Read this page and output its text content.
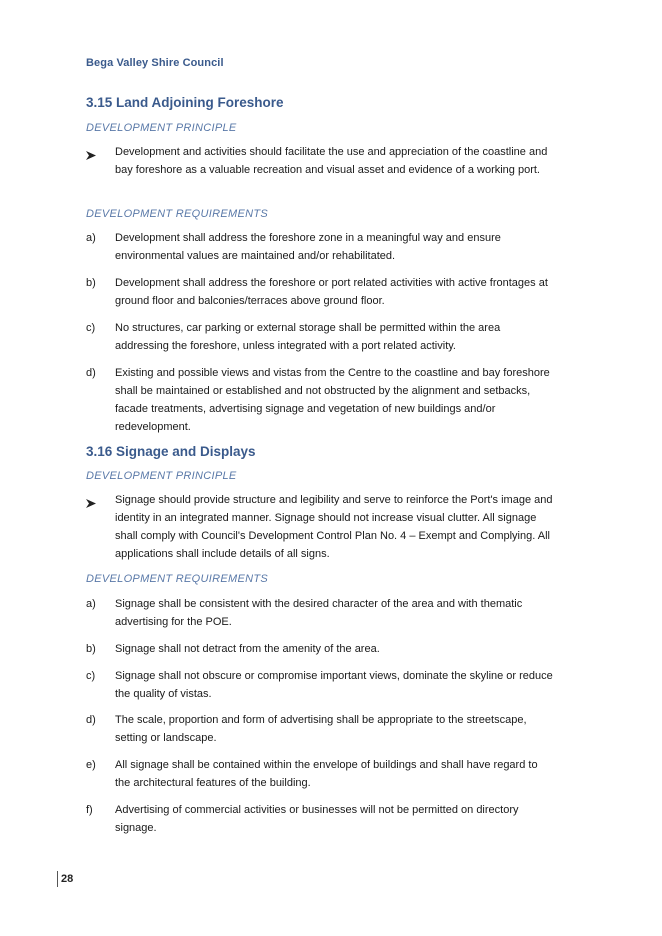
Bega Valley Shire Council
3.15 Land Adjoining Foreshore
DEVELOPMENT PRINCIPLE
Development and activities should facilitate the use and appreciation of the coastline and bay foreshore as a valuable recreation and visual asset and evidence of a working port.
DEVELOPMENT REQUIREMENTS
a) Development shall address the foreshore zone in a meaningful way and ensure environmental values are maintained and/or rehabilitated.
b) Development shall address the foreshore or port related activities with active frontages at ground floor and balconies/terraces above ground floor.
c) No structures, car parking or external storage shall be permitted within the area addressing the foreshore, unless integrated with a port related activity.
d) Existing and possible views and vistas from the Centre to the coastline and bay foreshore shall be maintained or established and not obstructed by the alignment and setbacks, facade treatments, advertising signage and vegetation of new buildings and/or redevelopment.
3.16 Signage and Displays
DEVELOPMENT PRINCIPLE
Signage should provide structure and legibility and serve to reinforce the Port's image and identity in an integrated manner. Signage should not increase visual clutter. All signage shall comply with Council's Development Control Plan No. 4 – Exempt and Complying. All applications shall include details of all signs.
DEVELOPMENT REQUIREMENTS
a) Signage shall be consistent with the desired character of the area and with thematic advertising for the POE.
b) Signage shall not detract from the amenity of the area.
c) Signage shall not obscure or compromise important views, dominate the skyline or reduce the quality of vistas.
d) The scale, proportion and form of advertising shall be appropriate to the streetscape, setting or landscape.
e) All signage shall be contained within the envelope of buildings and shall have regard to the architectural features of the building.
f) Advertising of commercial activities or businesses will not be permitted on directory signage.
28
